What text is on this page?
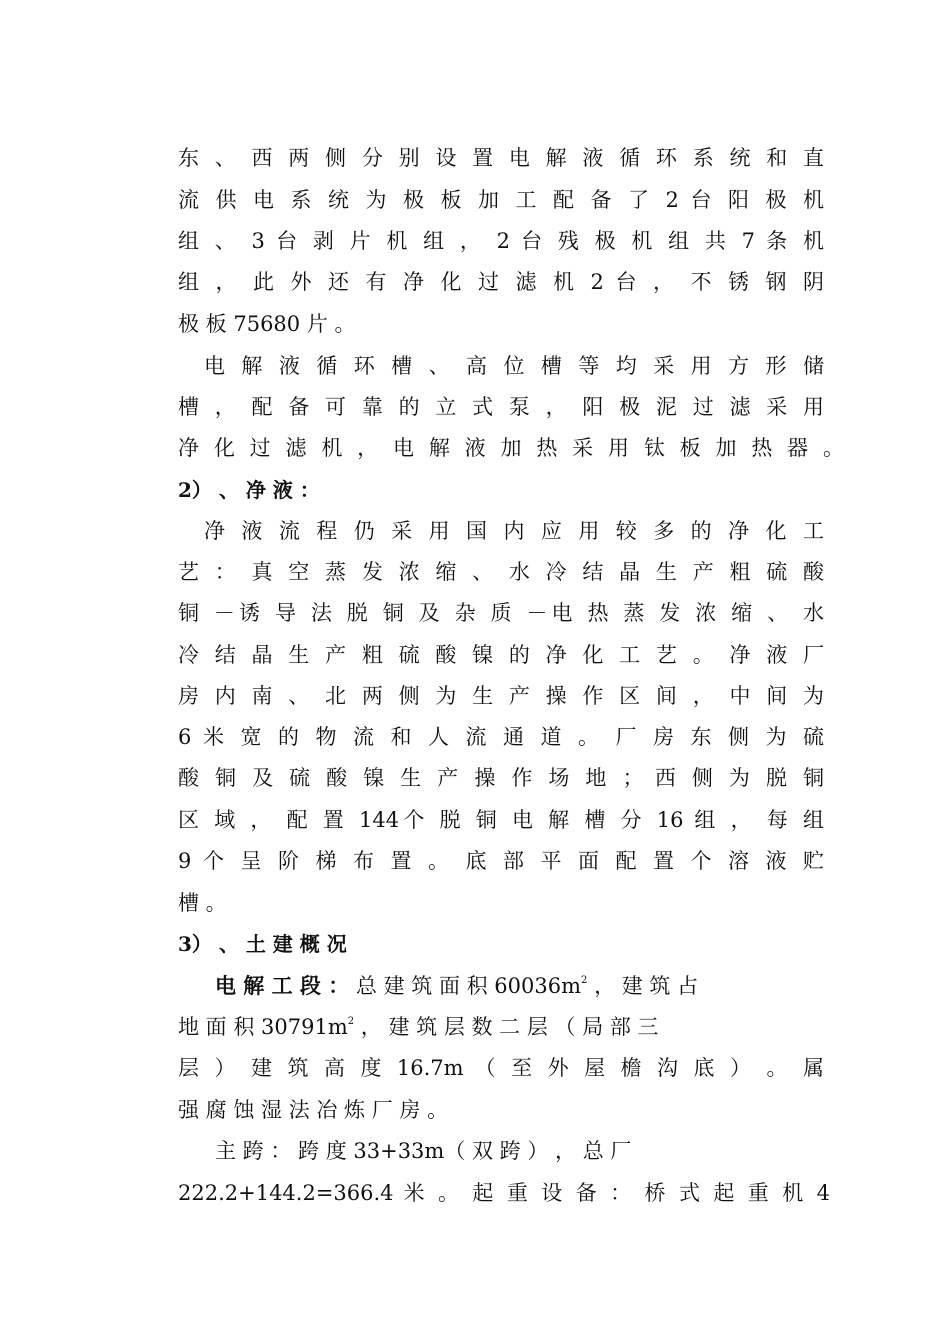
东 、 西 两 侧 分 别 设 置 电 解 液 循 环 系 统 和 直
流 供 电 系 统 为 极 板 加 工 配 备 了 2 台 阳 极 机
组 、 3 台 剥 片 机 组 ， 2 台 残 极 机 组 共 7 条 机
组 ， 此 外 还 有 净 化 过 滤 机 2 台 ， 不 锈 钢 阴
极 板 75680 片 。
电 解 液 循 环 槽 、 高 位 槽 等 均 采 用 方 形 储
槽 ， 配 备 可 靠 的 立 式 泵 ， 阳 极 泥 过 滤 采 用
净 化 过 滤 机 ， 电 解 液 加 热 采 用 钛 板 加 热 器 。
2） 、 净 液 ：
净 液 流 程 仍 采 用 国 内 应 用 较 多 的 净 化 工
艺 ： 真 空 蒸 发 浓 缩 、 水 冷 结 晶 生 产 粗 硫 酸
铜 －诱 导 法 脱 铜 及 杂 质 －电 热 蒸 发 浓 缩 、 水
冷 结 晶 生 产 粗 硫 酸 镍 的 净 化 工 艺 。 净 液 厂
房 内 南 、 北 两 侧 为 生 产 操 作 区 间 ， 中 间 为
6 米 宽 的 物 流 和 人 流 通 道 。 厂 房 东 侧 为 硫
酸 铜 及 硫 酸 镍 生 产 操 作 场 地 ； 西 侧 为 脱 铜
区 域 ， 配 置 144个 脱 铜 电 解 槽 分 16 组 ， 每 组
9 个 呈 阶 梯 布 置 。 底 部 平 面 配 置 个 溶 液 贮
槽 。
3） 、 土 建 概 况
电 解 工 段 ： 总 建 筑 面 积 $60036m^2$ ， 建 筑 占
地 面 积 $30791m^2$ ， 建 筑 层 数 二 层 （ 局 部 三
层 ） 建 筑 高 度 16.7m （ 至 外 屋 檐 沟 底 ） 。 属
强 腐 蚀 湿 法 冶 炼 厂 房 。
主 跨 ： 跨 度 33+33m（ 双 跨 ） ， 总 厂
222.2+144.2=366.4 米 。 起 重 设 备 ： 桥 式 起 重 机 4
